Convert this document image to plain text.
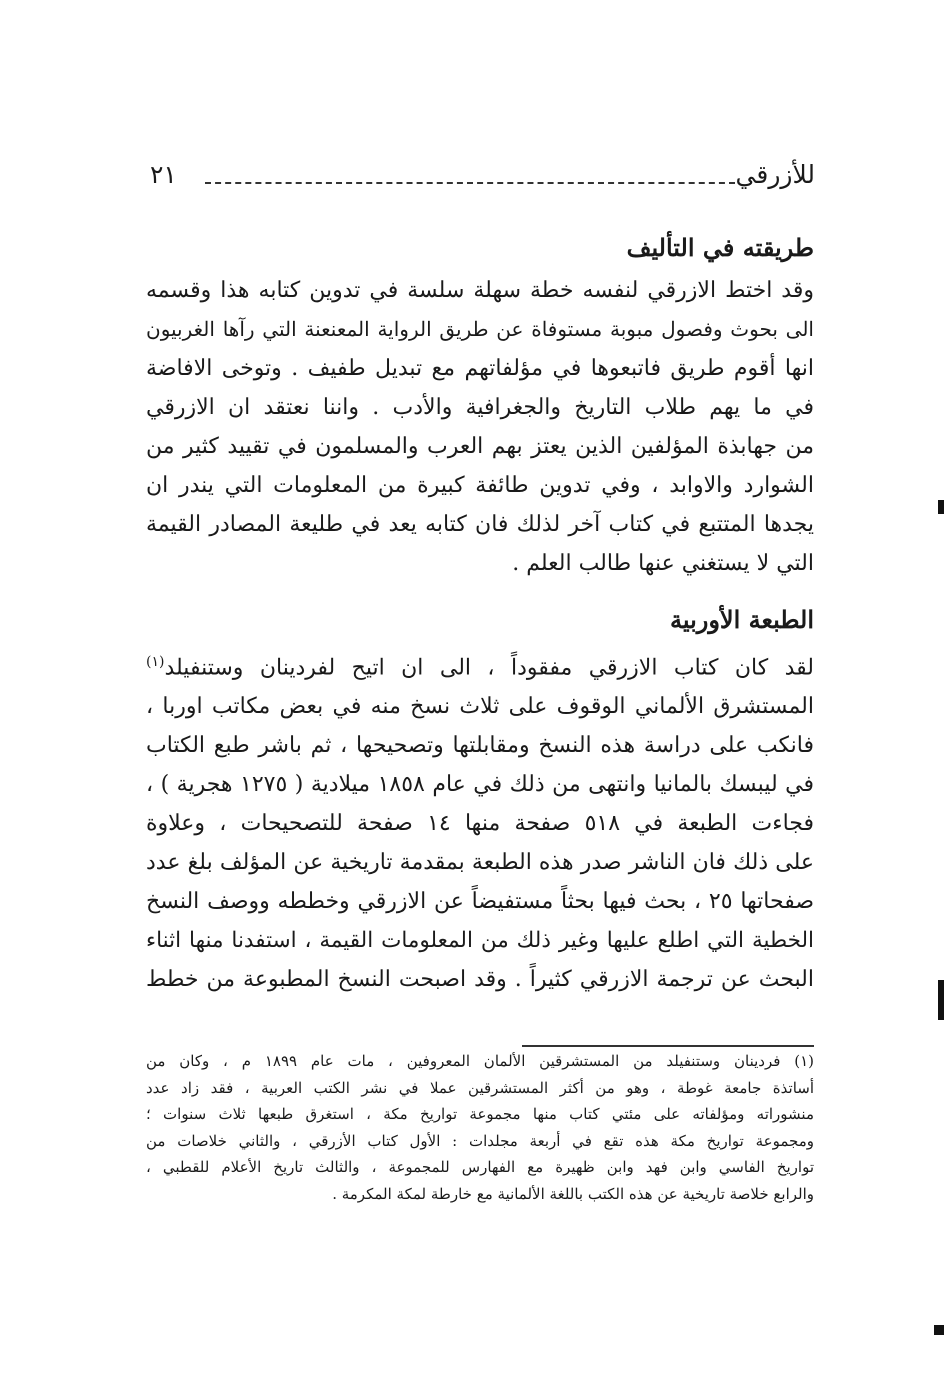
للأزرقي
٢١
طريقته في التأليف

وقد اختط الازرقي لنفسه خطة سهلة سلسة في تدوين كتابه هذا وقسمه

الى بحوث وفصول مبوبة مستوفاة عن طريق الرواية المعنعنة التي رآها الغربيون

انها أقوم طريق فاتبعوها في مؤلفاتهم مع تبديل طفيف . وتوخى الافاضة

في ما يهم طلاب التاريخ والجغرافية والأدب . واننا نعتقد ان الازرقي

من جهابذة المؤلفين الذين يعتز بهم العرب والمسلمون في تقييد كثير من

الشوارد والاوابد ، وفي تدوين طائفة كبيرة من المعلومات التي يندر ان

يجدها المتتبع في كتاب آخر لذلك فان كتابه يعد في طليعة المصادر القيمة

التي لا يستغني عنها طالب العلم .

الطبعة الأوربية

لقد كان كتاب الازرقي مفقوداً ، الى ان اتيح لفردينان وستنفيلد$^{(١)}$

المستشرق الألماني الوقوف على ثلاث نسخ منه في بعض مكاتب اوربا ،

فانكب على دراسة هذه النسخ ومقابلتها وتصحيحها ، ثم باشر طبع الكتاب

في ليبسك بالمانيا وانتهى من ذلك في عام ١٨٥٨ ميلادية ( ١٢٧٥ هجرية ) ،

فجاءت الطبعة في ٥١٨ صفحة منها ١٤ صفحة للتصحيحات ، وعلاوة

على ذلك فان الناشر صدر هذه الطبعة بمقدمة تاريخية عن المؤلف بلغ عدد

صفحاتها ٢٥ ، بحث فيها بحثاً مستفيضاً عن الازرقي وخططه ووصف النسخ

الخطية التي اطلع عليها وغير ذلك من المعلومات القيمة ، استفدنا منها اثناء

البحث عن ترجمة الازرقي كثيراً . وقد اصبحت النسخ المطبوعة من خطط

(١) فردينان وستنفيلد من المستشرقين الألمان المعروفين ، مات عام ١٨٩٩ م ، وكان من

أساتذة جامعة غوطة ، وهو من أكثر المستشرقين عملا في نشر الكتب العربية ، فقد زاد عدد

منشوراته ومؤلفاته على مئتي كتاب منها مجموعة تواريخ مكة ، استغرق طبعها ثلاث سنوات ؛

ومجموعة تواريخ مكة هذه تقع في أربعة مجلدات : الأول كتاب الأزرقي ، والثاني خلاصات من

تواريخ الفاسي وابن فهد وابن ظهيرة مع الفهارس للمجموعة ، والثالث تاريخ الأعلام للقطبي ،

والرابع خلاصة تاريخية عن هذه الكتب باللغة الألمانية مع خارطة لمكة المكرمة .
